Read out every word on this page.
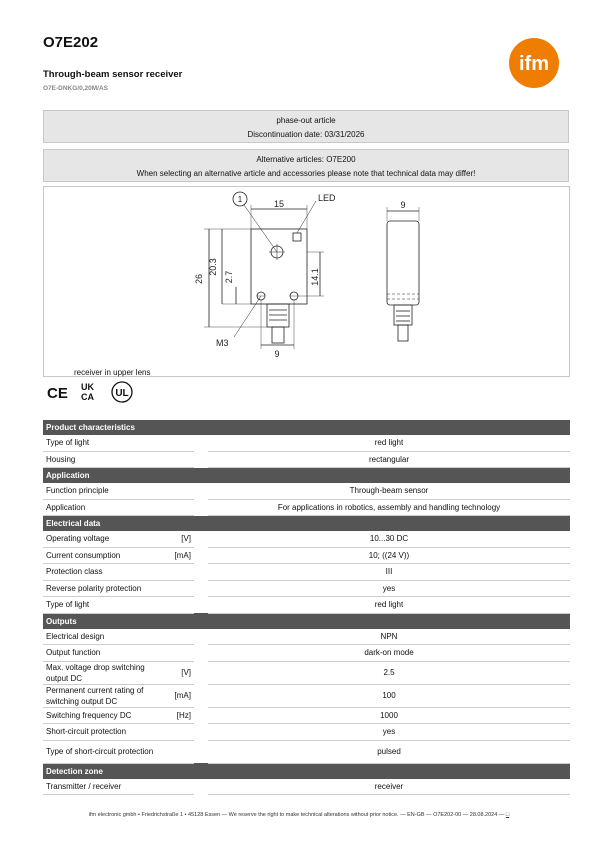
O7E202
Through-beam sensor receiver
O7E-DNKG/0,20M/AS
ifm
phase-out article
Discontinuation date: 03/31/2026
Alternative articles: O7E200
When selecting an alternative article and accessories please note that technical data may differ!
1	LED
15
26
20.3
2.7	14.1
9
M3
9
receiver in upper lens
CE UK
CA UL
Product characteristics			
Type of light			red light
Housing			rectangular
Application			
Function principle			Through-beam sensor
Application			For applications in robotics, assembly and handling technology
Electrical data			
Operating voltage	[V]		10...30 DC
Current consumption	[mA]		10; ((24 V))
Protection class			III
Reverse polarity protection			yes
Type of light			red light
Outputs			
Electrical design			NPN
Output function			dark-on mode
Max. voltage drop switching output DC	[V]		2.5
Permanent current rating of switching output DC	[mA]		100
Switching frequency DC	[Hz]		1000
Short-circuit protection			yes
Type of short-circuit protection			pulsed
Detection zone			
Transmitter / receiver			receiver
ifm electronic gmbh • Friedrichstraße 1 • 45128 Essen — We reserve the right to make technical alterations without prior notice. — EN-GB — O7E202-00 — 28.08.2024 — □
